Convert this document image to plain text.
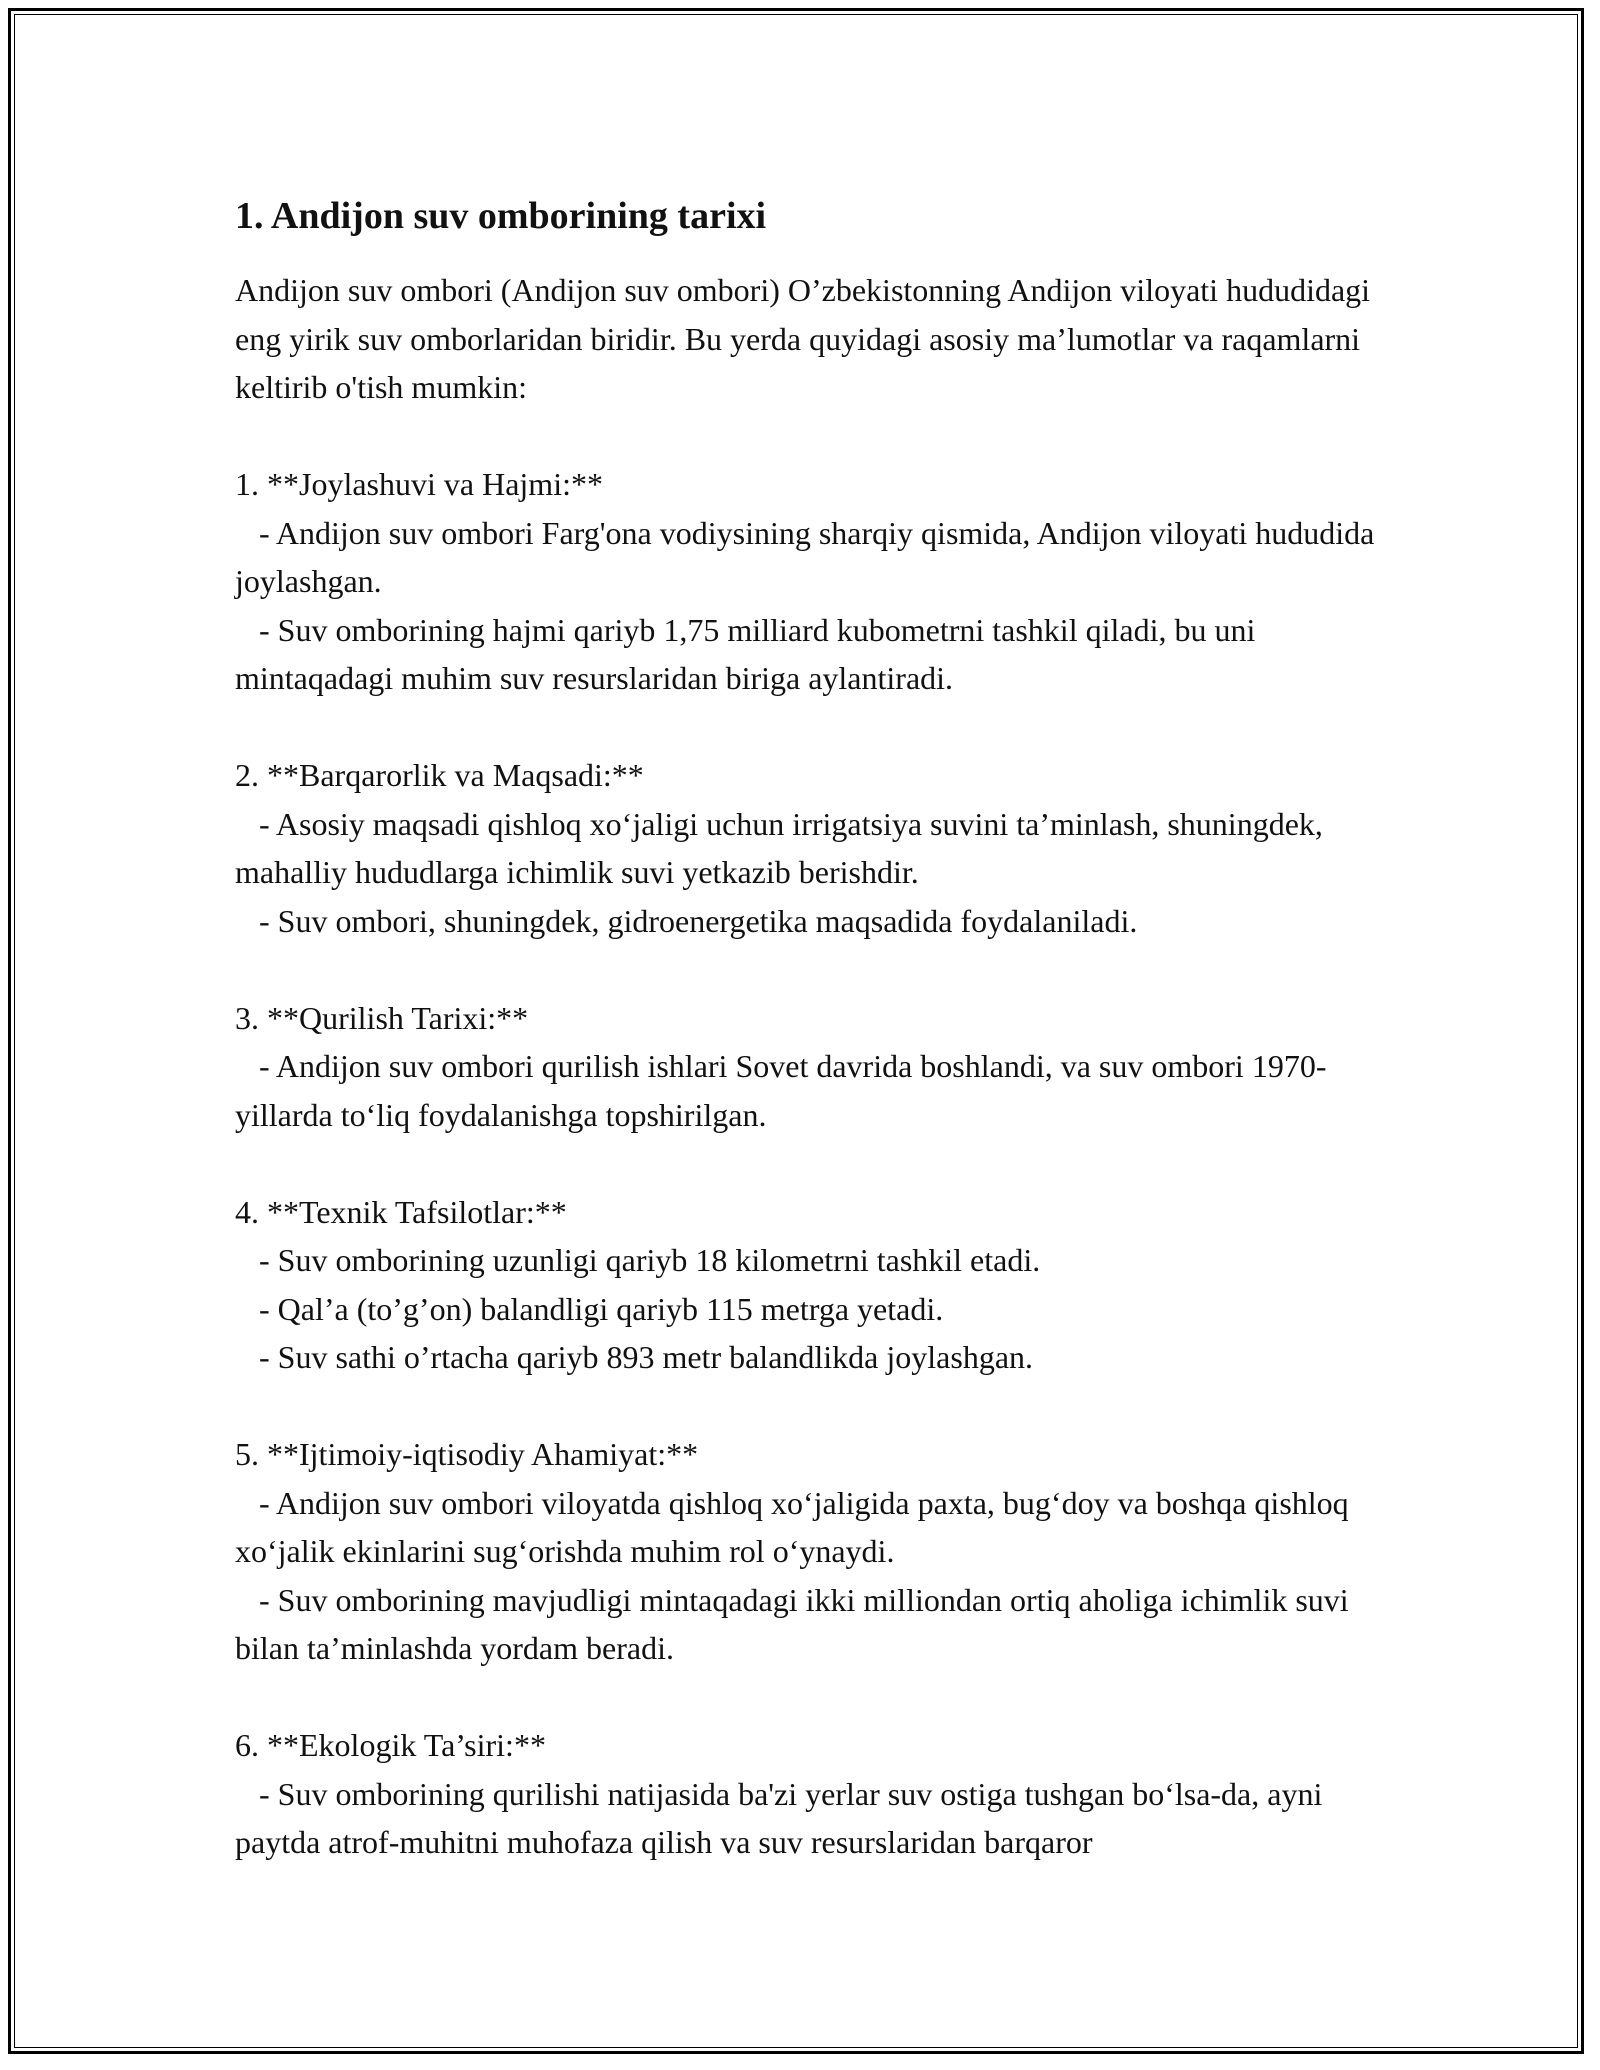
1. Andijon suv omborining tarixi

Andijon suv ombori (Andijon suv ombori) O’zbekistonning Andijon viloyati hududidagi eng yirik suv omborlaridan biridir. Bu yerda quyidagi asosiy ma’lumotlar va raqamlarni keltirib o'tish mumkin:

1. **Joylashuvi va Hajmi:**

- Andijon suv ombori Farg'ona vodiysining sharqiy qismida, Andijon viloyati hududida joylashgan.

- Suv omborining hajmi qariyb 1,75 milliard kubometrni tashkil qiladi, bu uni mintaqadagi muhim suv resurslaridan biriga aylantiradi.

2. **Barqarorlik va Maqsadi:**

- Asosiy maqsadi qishloq xo‘jaligi uchun irrigatsiya suvini ta’minlash, shuningdek, mahalliy hududlarga ichimlik suvi yetkazib berishdir.

- Suv ombori, shuningdek, gidroenergetika maqsadida foydalaniladi.

3. **Qurilish Tarixi:**

- Andijon suv ombori qurilish ishlari Sovet davrida boshlandi, va suv ombori 1970-yillarda to‘liq foydalanishga topshirilgan.

4. **Texnik Tafsilotlar:**

- Suv omborining uzunligi qariyb 18 kilometrni tashkil etadi.

- Qal’a (to’g’on) balandligi qariyb 115 metrga yetadi.

- Suv sathi o’rtacha qariyb 893 metr balandlikda joylashgan.

5. **Ijtimoiy-iqtisodiy Ahamiyat:**

- Andijon suv ombori viloyatda qishloq xo‘jaligida paxta, bug‘doy va boshqa qishloq xo‘jalik ekinlarini sug‘orishda muhim rol o‘ynaydi.

- Suv omborining mavjudligi mintaqadagi ikki milliondan ortiq aholiga ichimlik suvi bilan ta’minlashda yordam beradi.

6. **Ekologik Ta’siri:**

- Suv omborining qurilishi natijasida ba'zi yerlar suv ostiga tushgan bo‘lsa-da, ayni paytda atrof-muhitni muhofaza qilish va suv resurslaridan barqaror
